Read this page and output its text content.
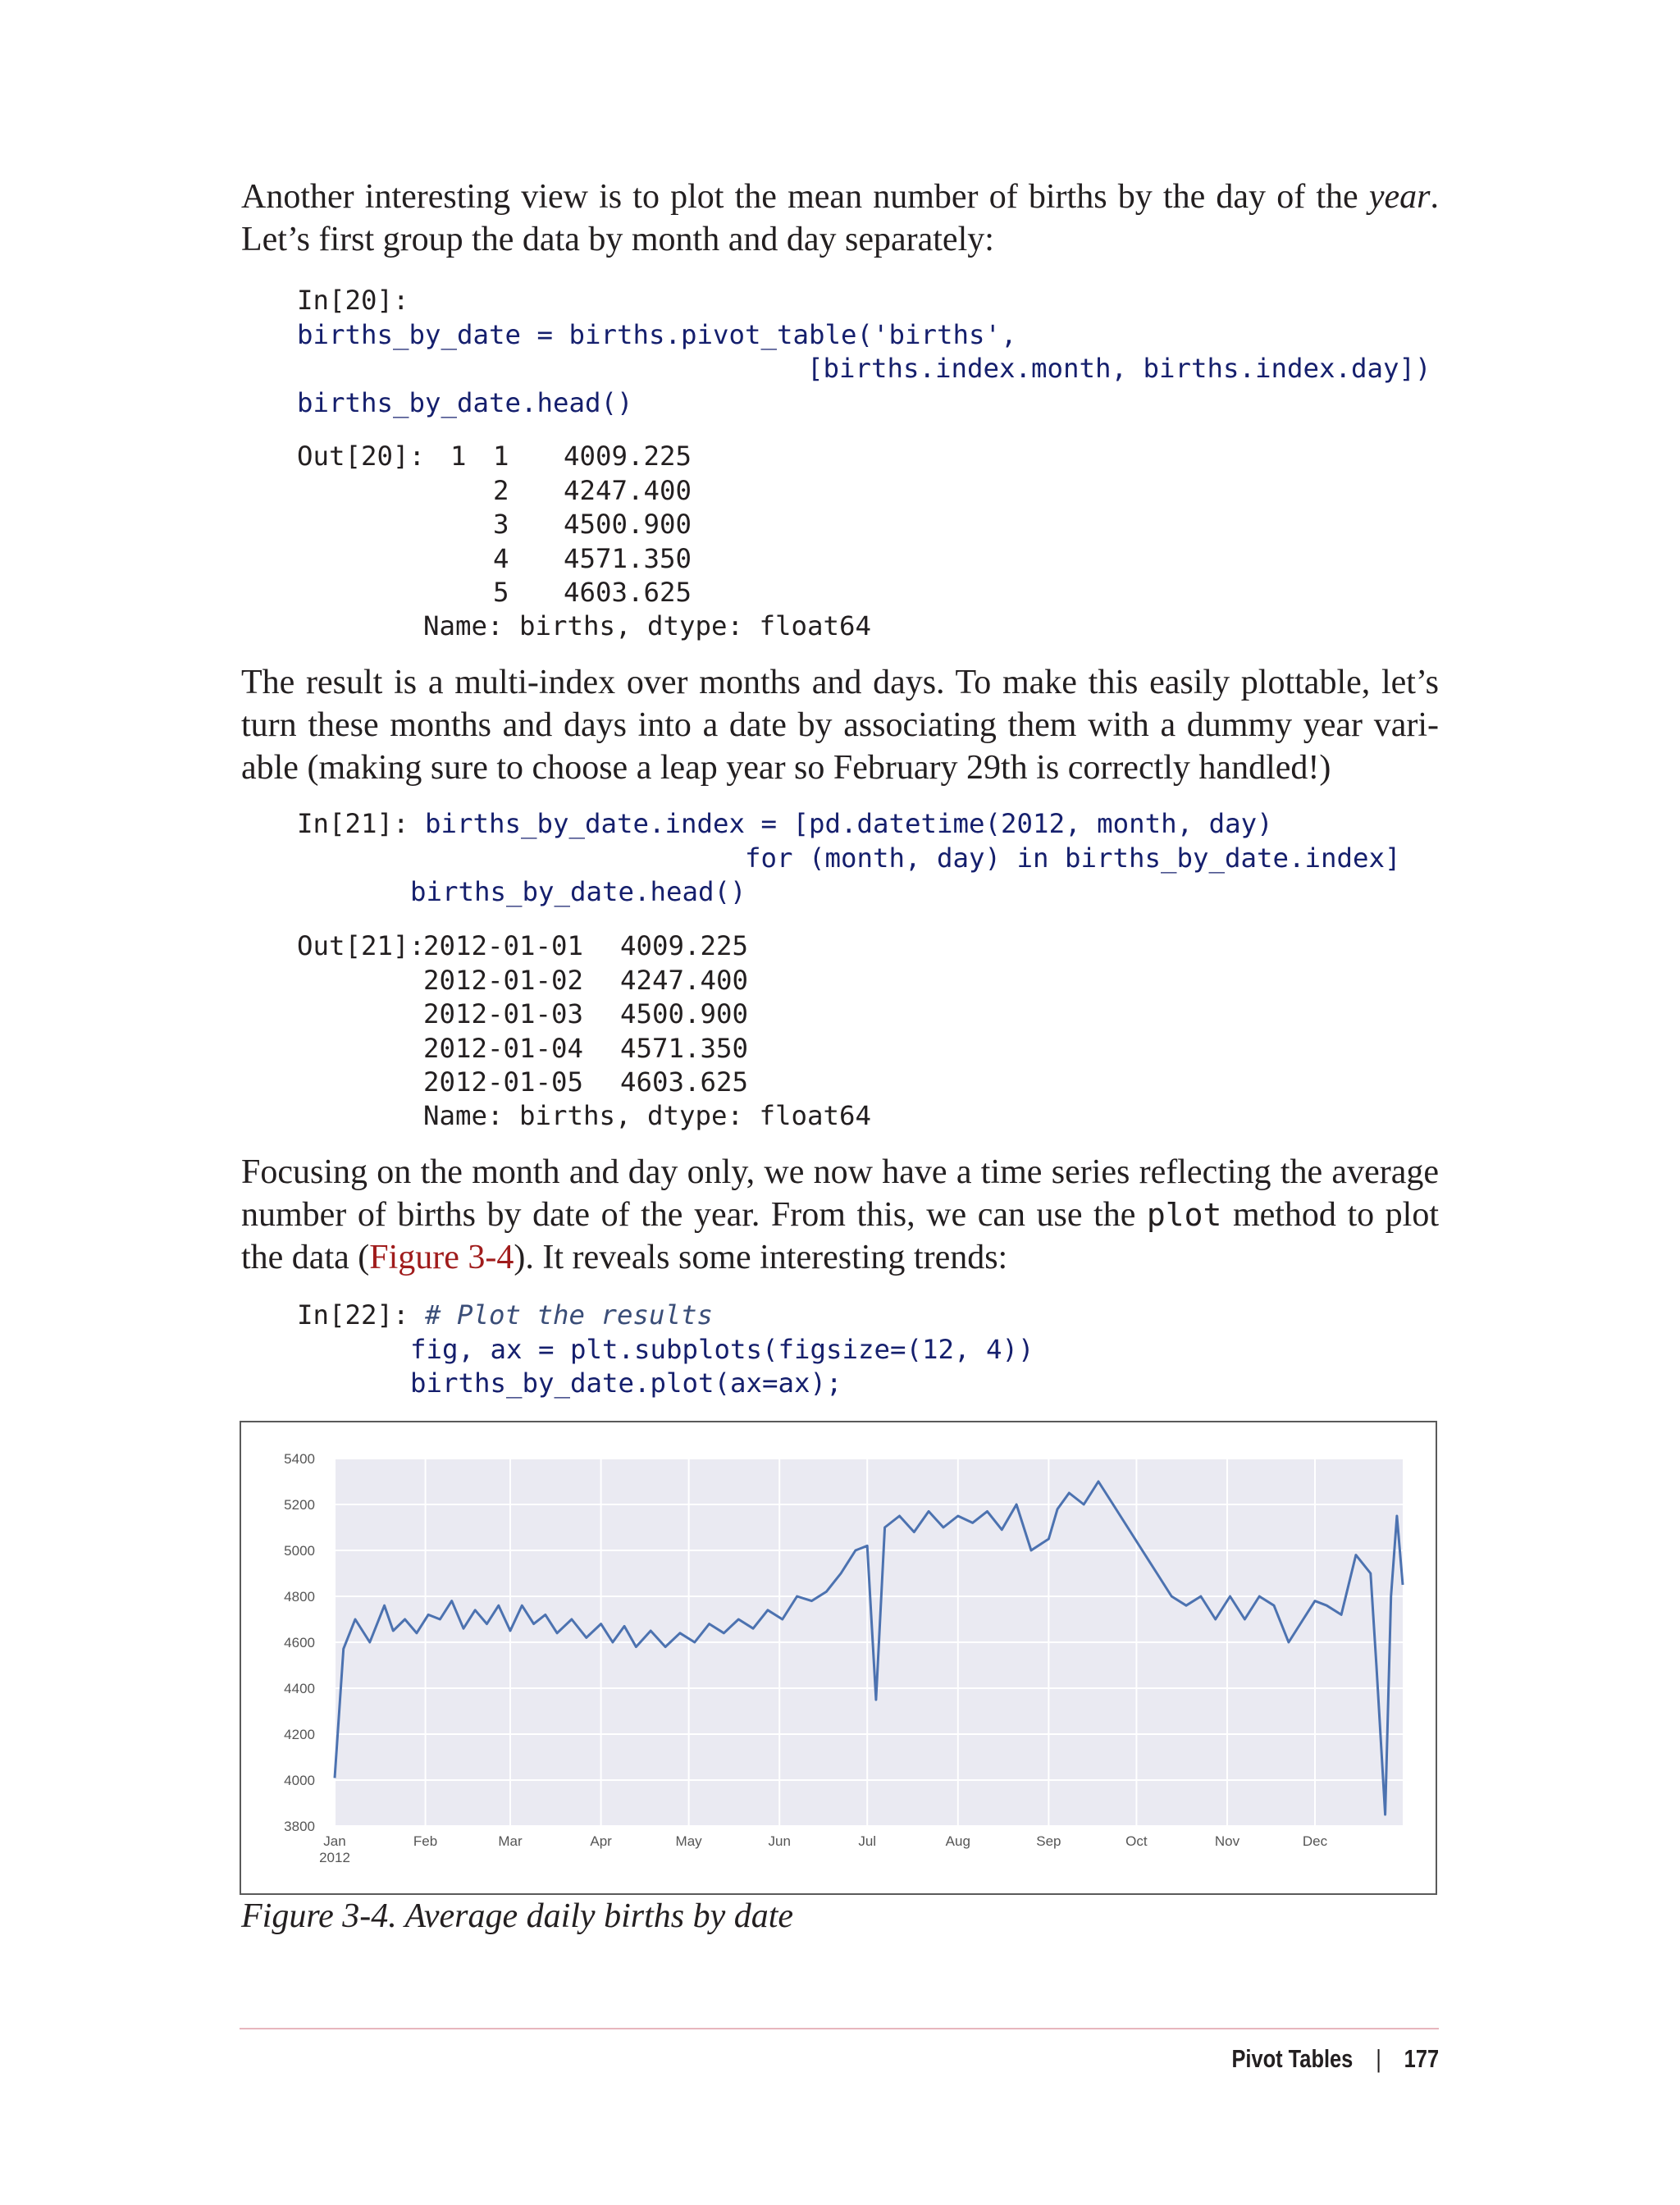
Another interesting view is to plot the mean number of births by the day of the year. Let’s first group the data by month and day separately:

In[20]:
births_by_date = births.pivot_table('births',
[births.index.month, births.index.day])
births_by_date.head()
Out[20]: 1 1 4009.225
2 4247.400
3 4500.900
4 4571.350
5 4603.625
Name: births, dtype: float64

The result is a multi-index over months and days. To make this easily plottable, let’s turn these months and days into a date by associating them with a dummy year vari-able (making sure to choose a leap year so February 29th is correctly handled!)

In[21]: births_by_date.index = [pd.datetime(2012, month, day)
for (month, day) in births_by_date.index]
births_by_date.head()
Out[21]:
2012-01-01 4009.225
2012-01-02 4247.400
2012-01-03 4500.900
2012-01-04 4571.350
2012-01-05 4603.625
Name: births, dtype: float64

Focusing on the month and day only, we now have a time series reflecting the average number of births by date of the year. From this, we can use the plot method to plot the data (Figure 3-4). It reveals some interesting trends:

In[22]: # Plot the results
fig, ax = plt.subplots(figsize=(12, 4))
births_by_date.plot(ax=ax);
3800
4000
4200
4400
4600
4800
5000
5200
5400
Jan	Feb	Mar	Apr	May	Jun	Jul	Aug	Sep	Oct	Nov	Dec
2012
Figure 3-4. Average daily births by date
Pivot Tables | 177
